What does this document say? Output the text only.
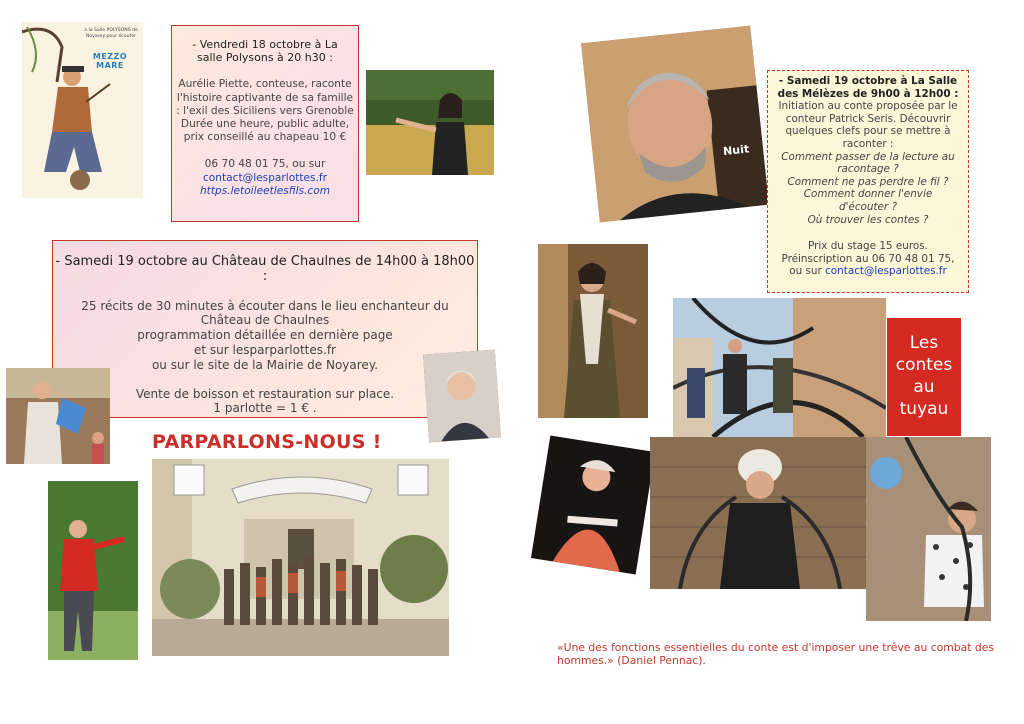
à la Salle POLYSONS de Noyarey pour écouter
MEZZO MARE

- Vendredi 18 octobre à La salle Polysons à 20 h30 :

Aurélie Piette, conteuse, raconte l'histoire captivante de sa famille : l'exil des Siciliens vers Grenoble Durée une heure, public adulte, prix conseillé au chapeau 10 €

06 70 48 01 75, ou sur

contact@lesparlottes.fr

https.letoileetlesfils.com

Nuit
- Samedi 19 octobre à La Salle des Mélèzes de 9h00 à 12h00 :
Initiation au conte proposée par le conteur Patrick Seris. Découvrir quelques clefs pour se mettre à raconter :
Comment passer de la lecture au racontage ?
Comment ne pas perdre le fil ?
Comment donner l'envie d'écouter ?
Où trouver les contes ?
Prix du stage 15 euros.
Préinscription au 06 70 48 01 75,
ou sur contact@lesparlottes.fr
- Samedi 19 octobre au Château de Chaulnes de 14h00 à 18h00 :
25 récits de 30 minutes à écouter dans le lieu enchanteur du
Château de Chaulnes
programmation détaillée en dernière page
et sur lesparparlottes.fr
ou sur le site de la Mairie de Noyarey.
Vente de boisson et restauration sur place.
1 parlotte = 1 € .
Les
contes
au
tuyau
PARPARLONS-NOUS !
«Une des fonctions essentielles du conte est d'imposer une trêve au combat des hommes.» (Daniel Pennac).
